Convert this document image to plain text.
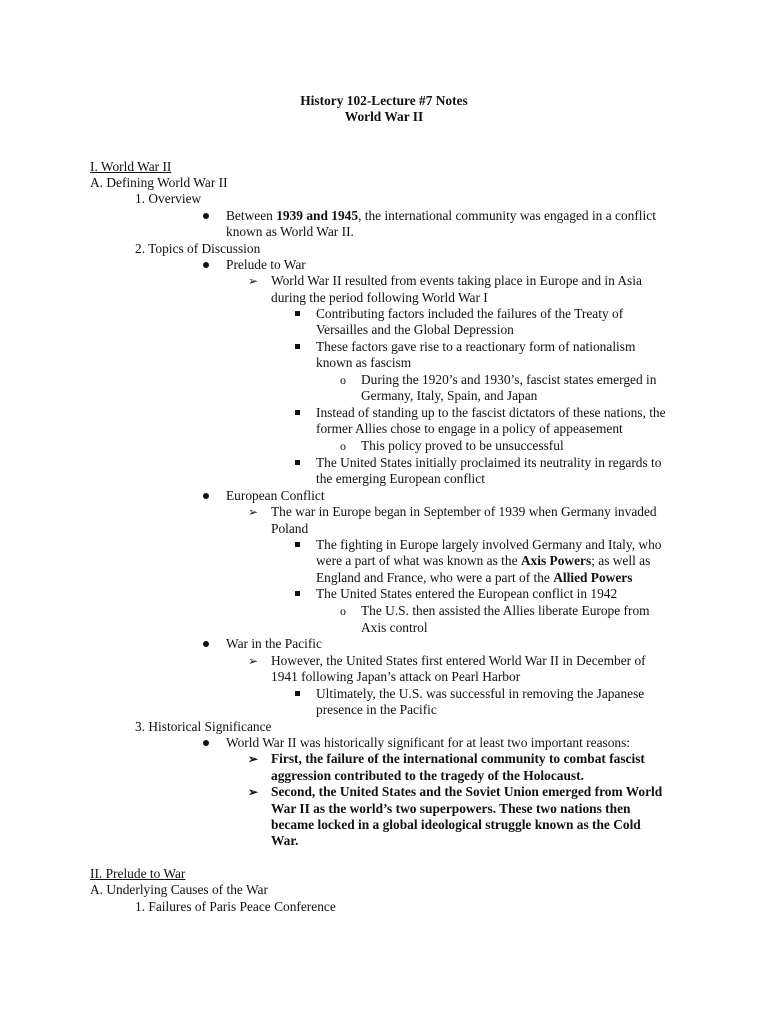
History 102-Lecture #7 Notes
World War II
I. World War II
A. Defining World War II
1. Overview
Between 1939 and 1945, the international community was engaged in a conflict
known as World War II.
2. Topics of Discussion
Prelude to War
➢ World War II resulted from events taking place in Europe and in Asia
during the period following World War I
Contributing factors included the failures of the Treaty of
Versailles and the Global Depression
These factors gave rise to a reactionary form of nationalism
known as fascism
o During the 1920’s and 1930’s, fascist states emerged in
Germany, Italy, Spain, and Japan
Instead of standing up to the fascist dictators of these nations, the
former Allies chose to engage in a policy of appeasement
o This policy proved to be unsuccessful
The United States initially proclaimed its neutrality in regards to
the emerging European conflict
European Conflict
➢ The war in Europe began in September of 1939 when Germany invaded
Poland
The fighting in Europe largely involved Germany and Italy, who
were a part of what was known as the Axis Powers; as well as
England and France, who were a part of the Allied Powers
The United States entered the European conflict in 1942
o The U.S. then assisted the Allies liberate Europe from
Axis control
War in the Pacific
➢ However, the United States first entered World War II in December of
1941 following Japan’s attack on Pearl Harbor
Ultimately, the U.S. was successful in removing the Japanese
presence in the Pacific
3. Historical Significance
World War II was historically significant for at least two important reasons:
➢ First, the failure of the international community to combat fascist
aggression contributed to the tragedy of the Holocaust.
➢ Second, the United States and the Soviet Union emerged from World
War II as the world’s two superpowers. These two nations then
became locked in a global ideological struggle known as the Cold
War.
II. Prelude to War
A. Underlying Causes of the War
1. Failures of Paris Peace Conference
